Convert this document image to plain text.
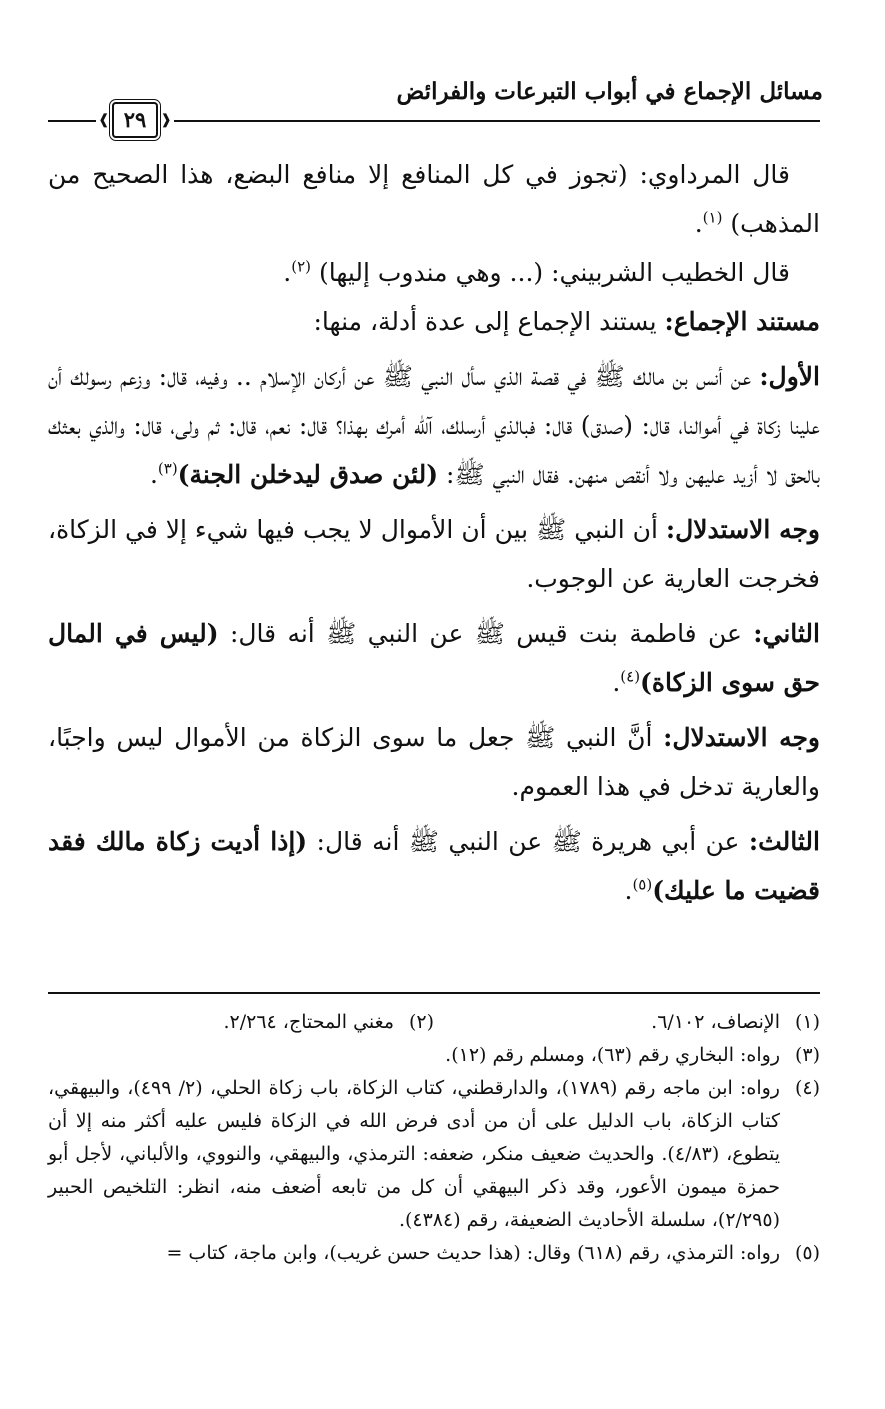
مسائل الإجماع في أبواب التبرعات والفرائض
❰ ٢٩	❱

قال المرداوي: (تجوز في كل المنافع إلا منافع البضع، هذا الصحيح من المذهب) $^{(١)}$.

قال الخطيب الشربيني: (... وهي مندوب إليها) $^{(٢)}$.

مستند الإجماع: يستند الإجماع إلى عدة أدلة، منها:

الأول: عن أنس بن مالك ﷺ في قصة الذي سأل النبي ﷺ عن أركان الإسلام .. وفيه، قال: وزعم رسولك أن علينا زكاة في أموالنا، قال: (صدق) قال: فبالذي أرسلك، آلله أمرك بهذا؟ قال: نعم، قال: ثم ولى، قال: والذي بعثك بالحق لا أزيد عليهن ولا أنقص منهن. فقال النبي ﷺ: (لئن صدق ليدخلن الجنة)$^{(٣)}$.

وجه الاستدلال: أن النبي ﷺ بين أن الأموال لا يجب فيها شيء إلا في الزكاة، فخرجت العارية عن الوجوب.

الثاني: عن فاطمة بنت قيس ﷺ عن النبي ﷺ أنه قال: (ليس في المال حق سوى الزكاة)$^{(٤)}$.

وجه الاستدلال: أنَّ النبي ﷺ جعل ما سوى الزكاة من الأموال ليس واجبًا، والعارية تدخل في هذا العموم.

الثالث: عن أبي هريرة ﷺ عن النبي ﷺ أنه قال: (إذا أديت زكاة مالك فقد قضيت ما عليك)$^{(٥)}$.

(١)
الإنصاف، ٦/١٠٢.
(٢)
مغني المحتاج، ٢/٢٦٤.
(٣)
رواه: البخاري رقم (٦٣)، ومسلم رقم (١٢).
(٤)
رواه: ابن ماجه رقم (١٧٨٩)، والدارقطني، كتاب الزكاة، باب زكاة الحلي، (٢/ ٤٩٩)، والبيهقي، كتاب الزكاة، باب الدليل على أن من أدى فرض الله في الزكاة فليس عليه أكثر منه إلا أن يتطوع، (٤/٨٣). والحديث ضعيف منكر، ضعفه: الترمذي، والبيهقي، والنووي، والألباني، لأجل أبو حمزة ميمون الأعور، وقد ذكر البيهقي أن كل من تابعه أضعف منه، انظر: التلخيص الحبير (٢/٢٩٥)، سلسلة الأحاديث الضعيفة، رقم (٤٣٨٤).
(٥)
رواه: الترمذي، رقم (٦١٨) وقال: (هذا حديث حسن غريب)، وابن ماجة، كتاب =
